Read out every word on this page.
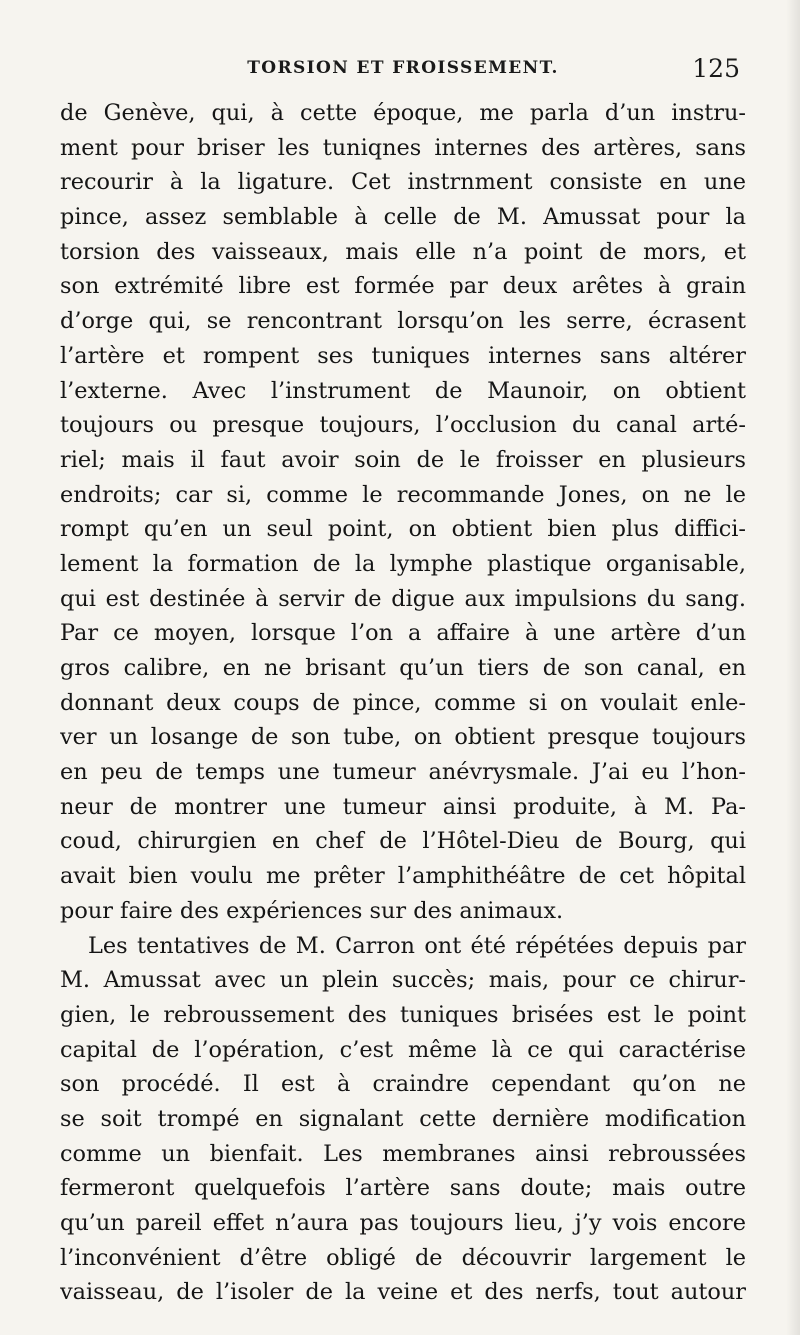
TORSION ET FROISSEMENT.	125
de Genève, qui, à cette époque, me parla d’un instru-
ment pour briser les tuniqnes internes des artères, sans
recourir à la ligature. Cet instrnment consiste en une
pince, assez semblable à celle de M. Amussat pour la
torsion des vaisseaux, mais elle n’a point de mors, et
son extrémité libre est formée par deux arêtes à grain
d’orge qui, se rencontrant lorsqu’on les serre, écrasent
l’artère et rompent ses tuniques internes sans altérer
l’externe. Avec l’instrument de Maunoir, on obtient
toujours ou presque toujours, l’occlusion du canal arté-
riel; mais il faut avoir soin de le froisser en plusieurs
endroits; car si, comme le recommande Jones, on ne le
rompt qu’en un seul point, on obtient bien plus diffici-
lement la formation de la lymphe plastique organisable,
qui est destinée à servir de digue aux impulsions du sang.
Par ce moyen, lorsque l’on a affaire à une artère d’un
gros calibre, en ne brisant qu’un tiers de son canal, en
donnant deux coups de pince, comme si on voulait enle-
ver un losange de son tube, on obtient presque toujours
en peu de temps une tumeur anévrysmale. J’ai eu l’hon-
neur de montrer une tumeur ainsi produite, à M. Pa-
coud, chirurgien en chef de l’Hôtel-Dieu de Bourg, qui
avait bien voulu me prêter l’amphithéâtre de cet hôpital
pour faire des expériences sur des animaux.
Les tentatives de M. Carron ont été répétées depuis par
M. Amussat avec un plein succès; mais, pour ce chirur-
gien, le rebroussement des tuniques brisées est le point
capital de l’opération, c’est même là ce qui caractérise
son procédé. Il est à craindre cependant qu’on ne
se soit trompé en signalant cette dernière modification
comme un bienfait. Les membranes ainsi rebroussées
fermeront quelquefois l’artère sans doute; mais outre
qu’un pareil effet n’aura pas toujours lieu, j’y vois encore
l’inconvénient d’être obligé de découvrir largement le
vaisseau, de l’isoler de la veine et des nerfs, tout autour
